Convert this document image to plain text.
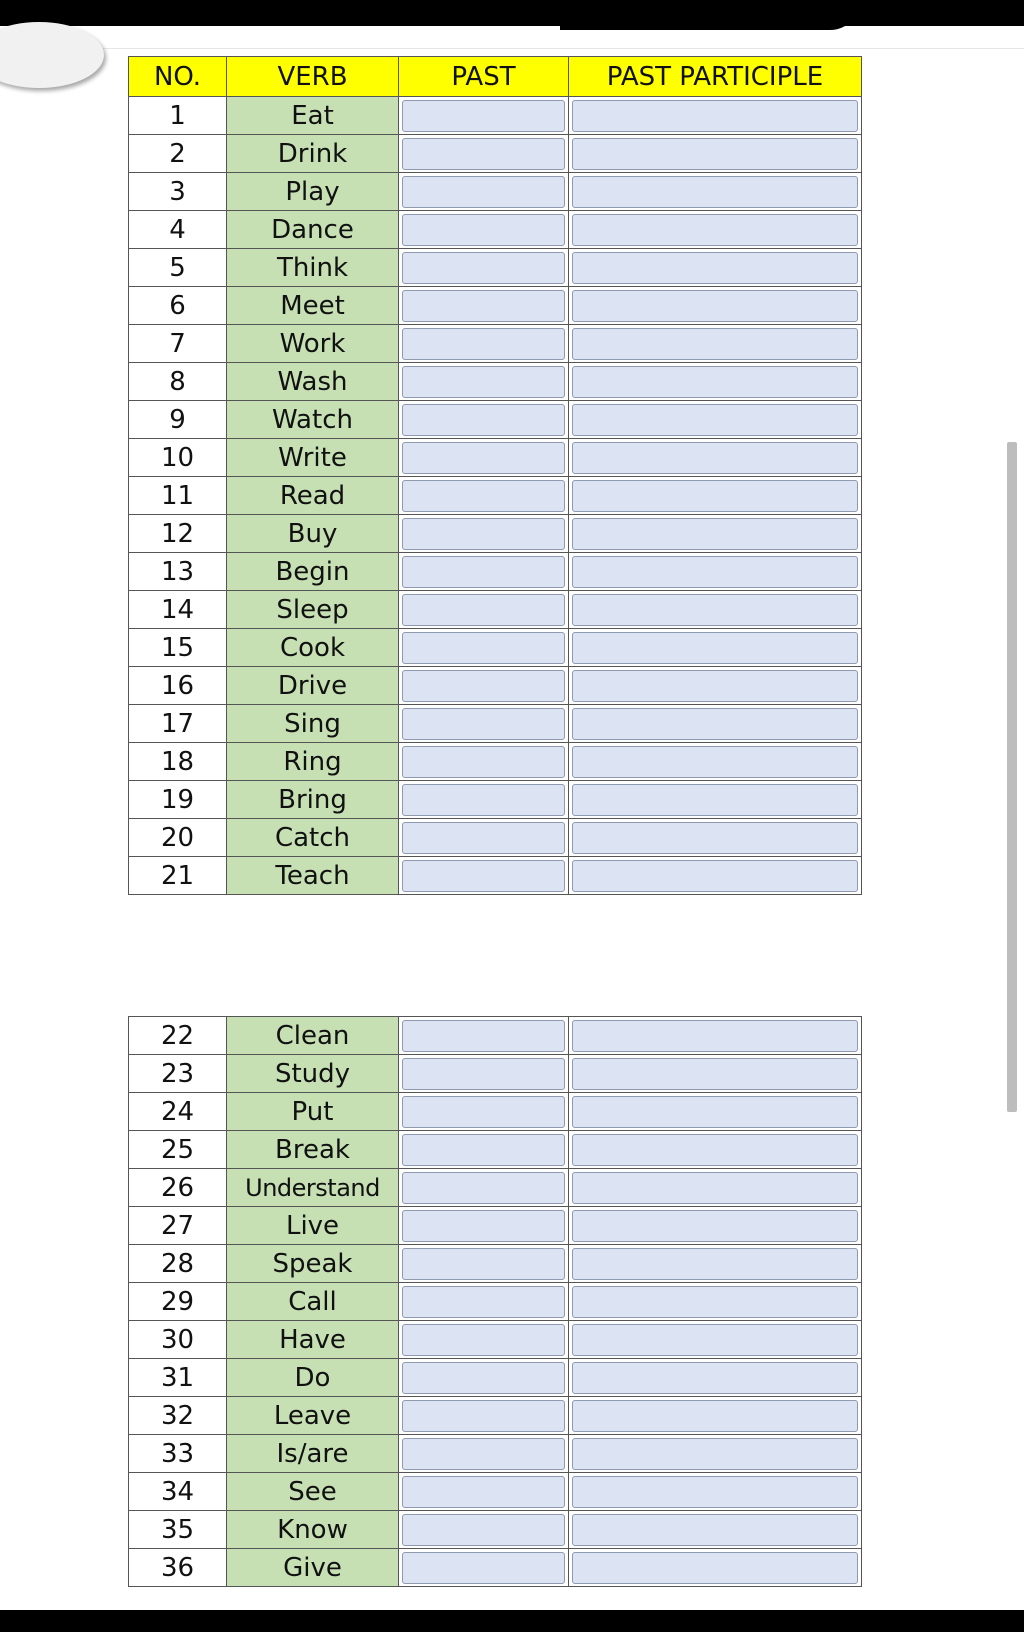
NO.	VERB	PAST	PAST PARTICIPLE
1	Eat	

2	Drink	

3	Play	

4	Dance	

5	Think	

6	Meet	

7	Work	

8	Wash	

9	Watch	

10	Write	

11	Read	

12	Buy	

13	Begin	

14	Sleep	

15	Cook	

16	Drive	

17	Sing	

18	Ring	

19	Bring	

20	Catch	

21	Teach	

22	Clean	

23	Study	

24	Put	

25	Break	

26	Understand	

27	Live	

28	Speak	

29	Call	

30	Have	

31	Do	

32	Leave	

33	Is/are	

34	See	

35	Know	

36	Give	
